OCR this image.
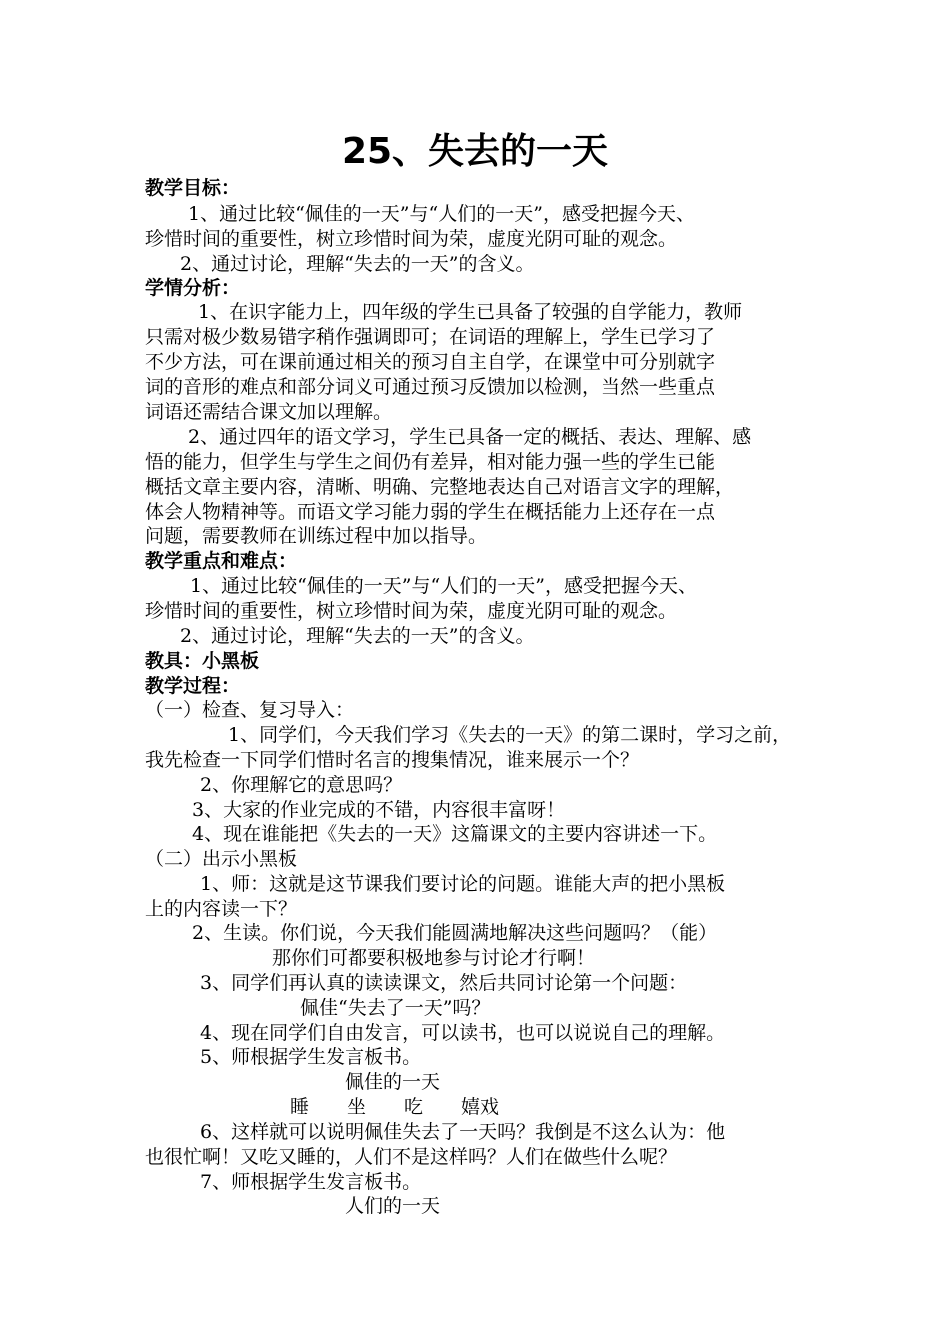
25、失去的一天
教学目标：
1、通过比较“佩佳的一天”与“人们的一天”，感受把握今天、
珍惜时间的重要性，树立珍惜时间为荣，虚度光阴可耻的观念。
2、通过讨论，理解“失去的一天”的含义。
学情分析：
1、在识字能力上，四年级的学生已具备了较强的自学能力，教师
只需对极少数易错字稍作强调即可；在词语的理解上，学生已学习了
不少方法，可在课前通过相关的预习自主自学，在课堂中可分别就字
词的音形的难点和部分词义可通过预习反馈加以检测，当然一些重点
词语还需结合课文加以理解。
2、通过四年的语文学习，学生已具备一定的概括、表达、理解、感
悟的能力，但学生与学生之间仍有差异，相对能力强一些的学生已能
概括文章主要内容，清晰、明确、完整地表达自己对语言文字的理解，
体会人物精神等。而语文学习能力弱的学生在概括能力上还存在一点
问题，需要教师在训练过程中加以指导。
教学重点和难点：
1、通过比较“佩佳的一天”与“人们的一天”，感受把握今天、
珍惜时间的重要性，树立珍惜时间为荣，虚度光阴可耻的观念。
2、通过讨论，理解“失去的一天”的含义。
教具：小黑板
教学过程：
（一）检查、复习导入：
1、同学们，今天我们学习《失去的一天》的第二课时，学习之前，
我先检查一下同学们惜时名言的搜集情况，谁来展示一个？
2、你理解它的意思吗？
3、大家的作业完成的不错，内容很丰富呀！
4、现在谁能把《失去的一天》这篇课文的主要内容讲述一下。
（二）出示小黑板
1、师：这就是这节课我们要讨论的问题。谁能大声的把小黑板
上的内容读一下？
2、生读。你们说，今天我们能圆满地解决这些问题吗？（能）
那你们可都要积极地参与讨论才行啊！
3、同学们再认真的读读课文，然后共同讨论第一个问题：
佩佳“失去了一天”吗？
4、现在同学们自由发言，可以读书，也可以说说自己的理解。
5、师根据学生发言板书。
佩佳的一天
睡　　坐　　吃　　嬉戏
6、这样就可以说明佩佳失去了一天吗？我倒是不这么认为：他
也很忙啊！又吃又睡的，人们不是这样吗？人们在做些什么呢？
7、师根据学生发言板书。
人们的一天
